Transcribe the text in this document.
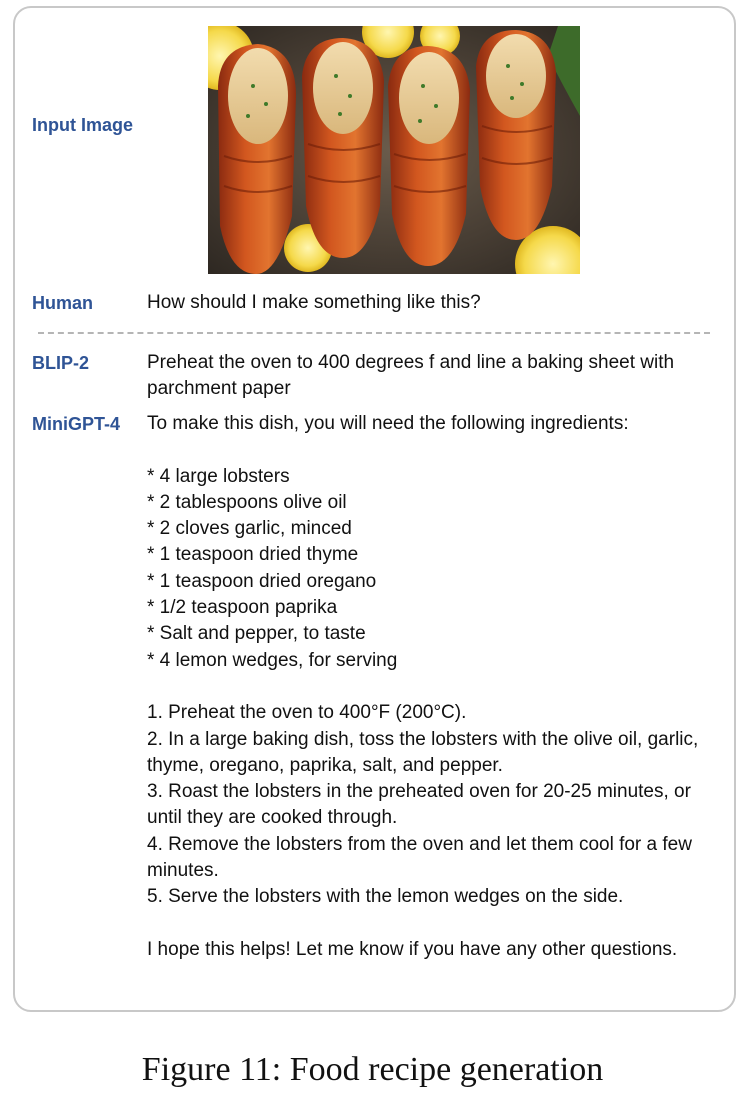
Input Image
Human	How should I make something like this?
BLIP-2	Preheat the oven to 400 degrees f and line a baking sheet with parchment paper
MiniGPT-4 To make this dish, you will need the following ingredients:

* 4 large lobsters

* 2 tablespoons olive oil

* 2 cloves garlic, minced

* 1 teaspoon dried thyme

* 1 teaspoon dried oregano

* 1/2 teaspoon paprika

* Salt and pepper, to taste

* 4 lemon wedges, for serving

1. Preheat the oven to 400°F (200°C).

2. In a large baking dish, toss the lobsters with the olive oil, garlic, thyme, oregano, paprika, salt, and pepper.

3. Roast the lobsters in the preheated oven for 20-25 minutes, or until they are cooked through.

4. Remove the lobsters from the oven and let them cool for a few minutes.

5. Serve the lobsters with the lemon wedges on the side.

I hope this helps! Let me know if you have any other questions.

Figure 11: Food recipe generation
